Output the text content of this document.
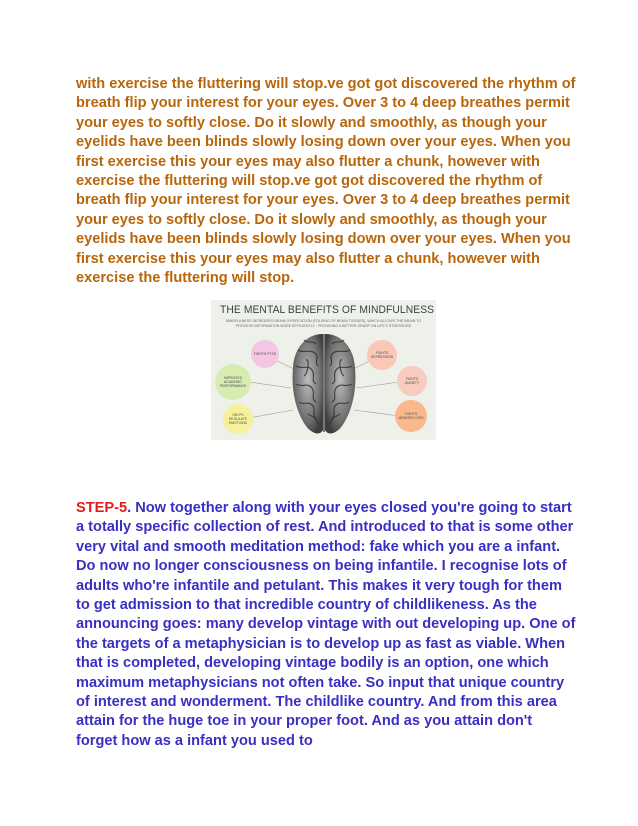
with exercise the fluttering will stop.ve got got discovered the rhythm of breath flip your interest for your eyes. Over 3 to 4 deep breathes permit your eyes to softly close. Do it slowly and smoothly, as though your eyelids have been blinds slowly losing down over your eyes. When you first exercise this your eyes may also flutter a chunk, however with exercise the fluttering will stop.ve got got discovered the rhythm of breath flip your interest for your eyes. Over 3 to 4 deep breathes permit your eyes to softly close. Do it slowly and smoothly, as though your eyelids have been blinds slowly losing down over your eyes. When you first exercise this your eyes may also flutter a chunk, however with exercise the fluttering will stop.

THE MENTAL BENEFITS OF MINDFULNESS
MINDFULNESS INCREASES BRAIN GYRIFICATION (FOLDING OF BRAIN TISSUES), WHICH ALLOWS THE BRAIN TO PROCESS INFORMATION MORE EFFICIENTLY - PROVIDING A BETTER GRASP ON LIFE'S STRESSORS
FIGHTS PTSD
IMPROVES ACADEMIC PERFORMANCE
HELPS REGULATE EMOTIONS
FIGHTS DEPRESSION
FIGHTS ANXIETY
FIGHTS MEMORY LOSS

STEP-5. Now together along with your eyes closed you're going to start a totally specific collection of rest. And introduced to that is some other very vital and smooth meditation method: fake which you are a infant. Do now no longer consciousness on being infantile. I recognise lots of adults who're infantile and petulant. This makes it very tough for them to get admission to that incredible country of childlikeness. As the announcing goes: many develop vintage with out developing up. One of the targets of a metaphysician is to develop up as fast as viable. When that is completed, developing vintage bodily is an option, one which maximum metaphysicians not often take. So input that unique country of interest and wonderment. The childlike country. And from this area attain for the huge toe in your proper foot. And as you attain don't forget how as a infant you used to
